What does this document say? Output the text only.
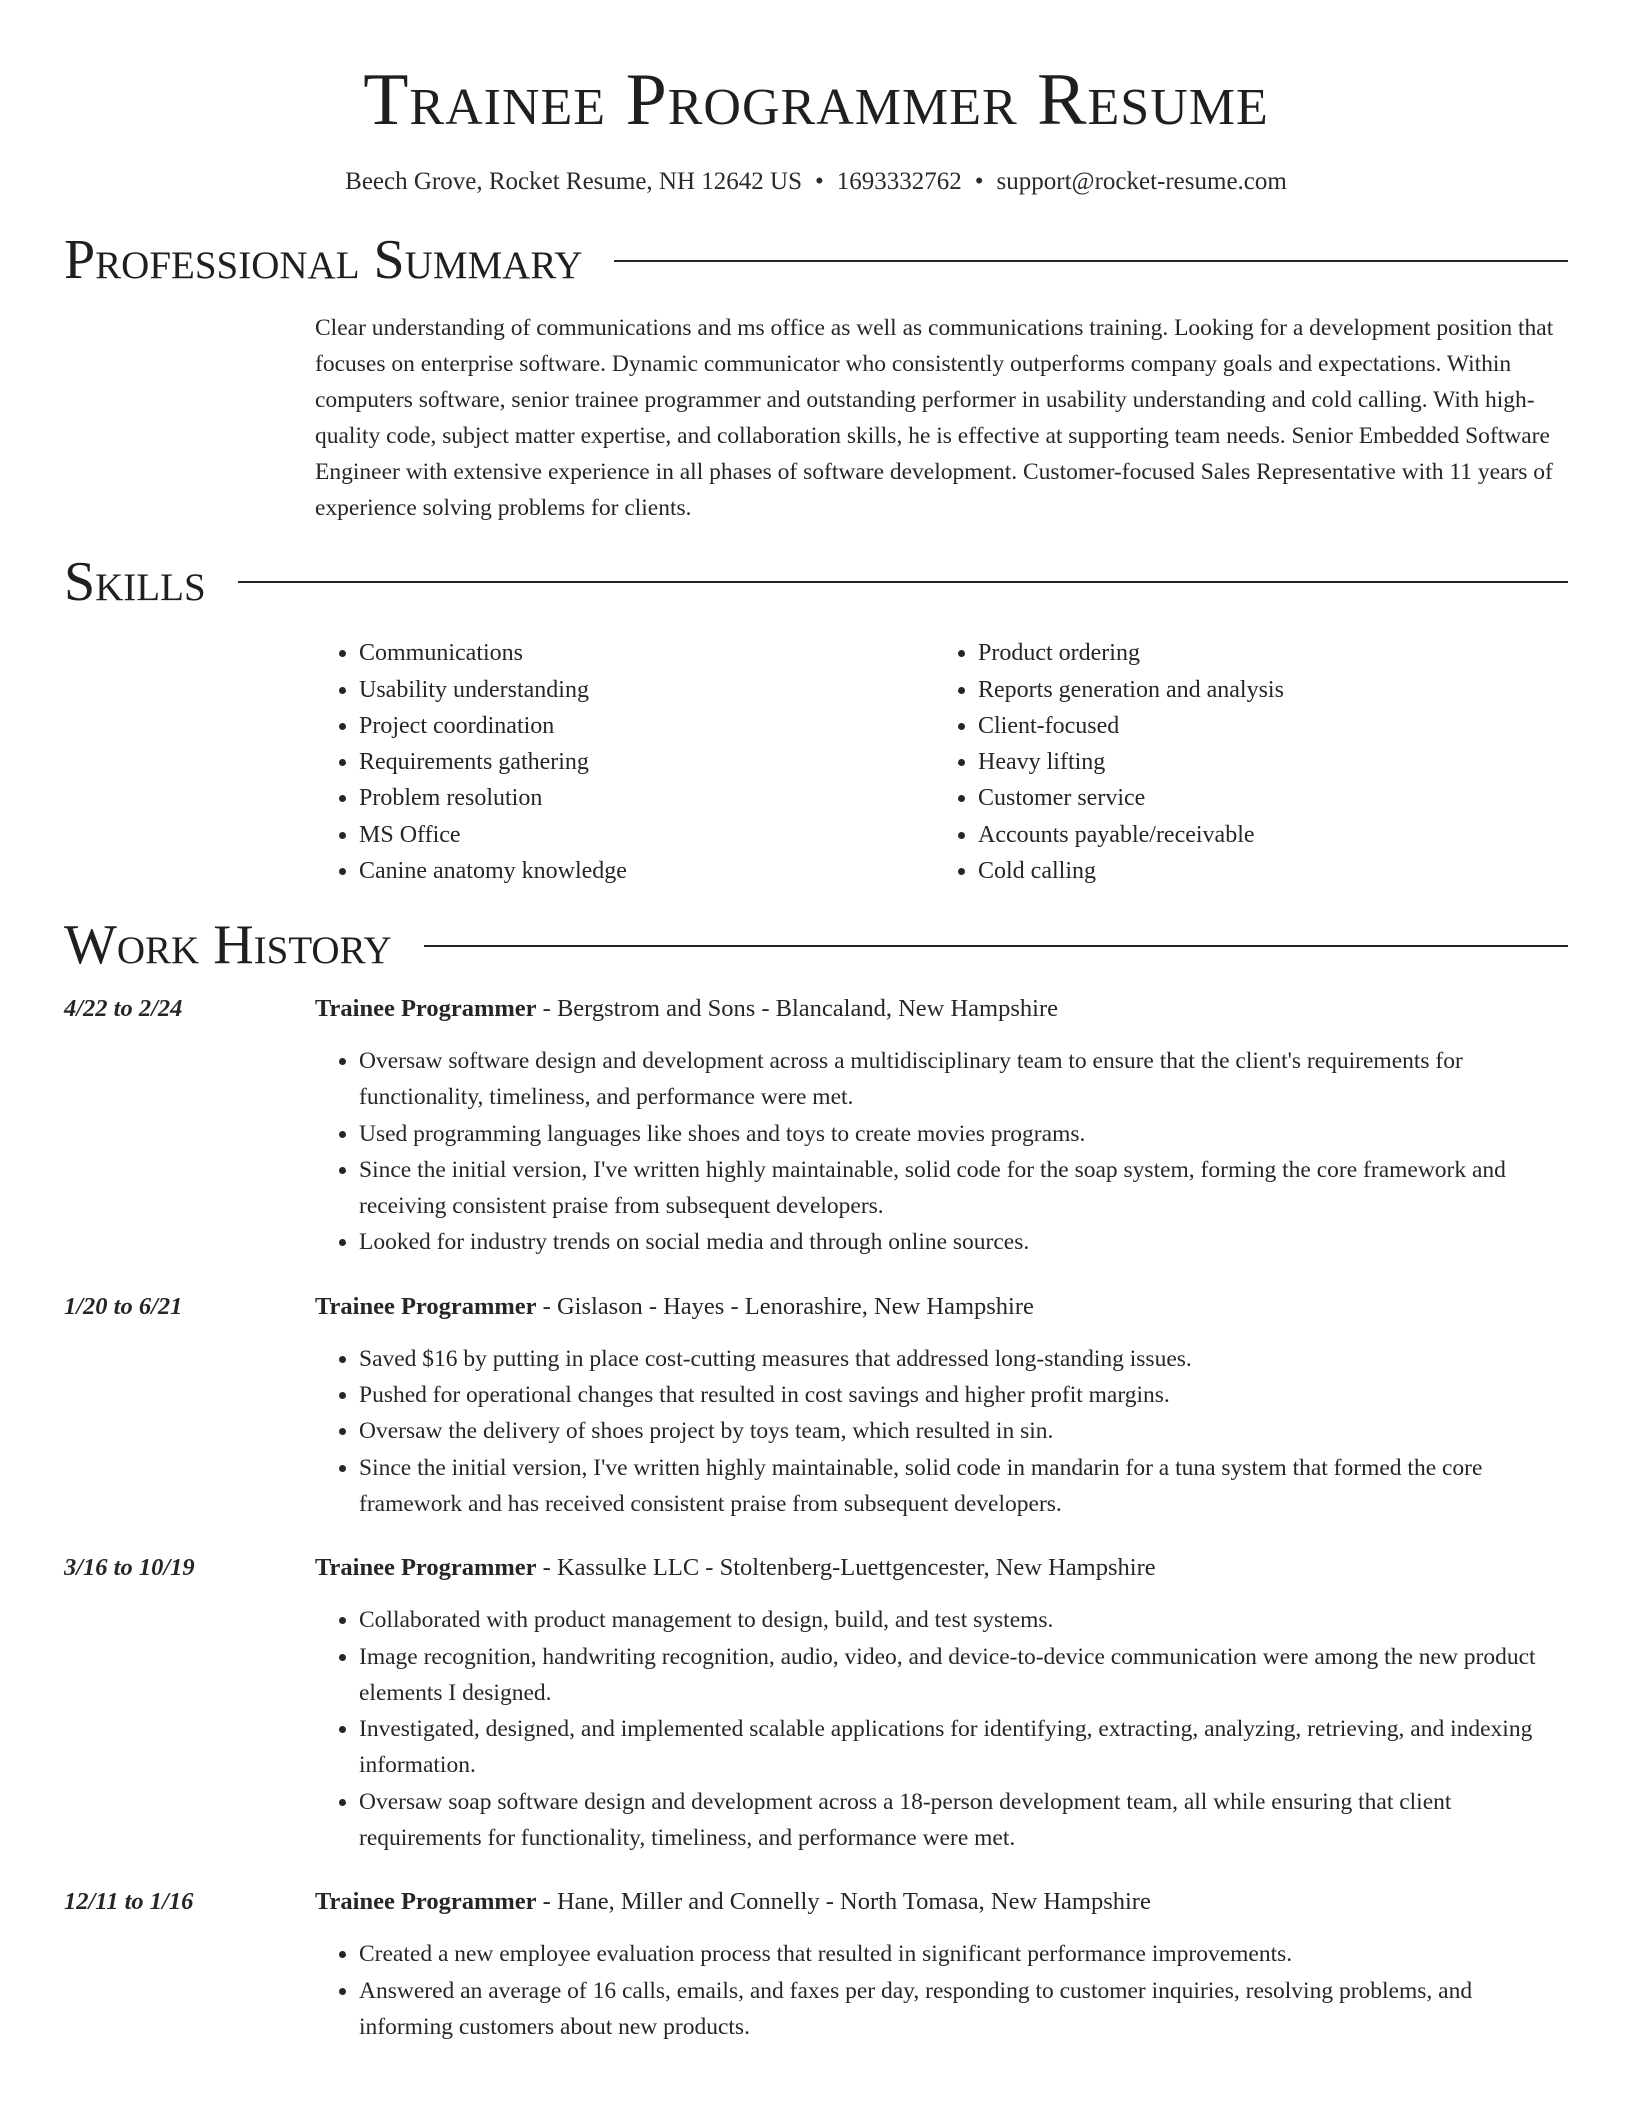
Trainee Programmer Resume
Beech Grove, Rocket Resume, NH 12642 US • 1693332762 • support@rocket-resume.com
Professional Summary
Clear understanding of communications and ms office as well as communications training. Looking for a development position that focuses on enterprise software. Dynamic communicator who consistently outperforms company goals and expectations. Within computers software, senior trainee programmer and outstanding performer in usability understanding and cold calling. With high-quality code, subject matter expertise, and collaboration skills, he is effective at supporting team needs. Senior Embedded Software Engineer with extensive experience in all phases of software development. Customer-focused Sales Representative with 11 years of experience solving problems for clients.
Skills
• Communications
• Usability understanding
• Project coordination
• Requirements gathering
• Problem resolution
• MS Office
• Canine anatomy knowledge
• Product ordering
• Reports generation and analysis
• Client-focused
• Heavy lifting
• Customer service
• Accounts payable/receivable
• Cold calling
Work History
4/22 to 2/24	Trainee Programmer - Bergstrom and Sons - Blancaland, New Hampshire
• Oversaw software design and development across a multidisciplinary team to ensure that the client's requirements for functionality, timeliness, and performance were met.
• Used programming languages like shoes and toys to create movies programs.
• Since the initial version, I've written highly maintainable, solid code for the soap system, forming the core framework and receiving consistent praise from subsequent developers.
• Looked for industry trends on social media and through online sources.
1/20 to 6/21	Trainee Programmer - Gislason - Hayes - Lenorashire, New Hampshire
• Saved $16 by putting in place cost-cutting measures that addressed long-standing issues.
• Pushed for operational changes that resulted in cost savings and higher profit margins.
• Oversaw the delivery of shoes project by toys team, which resulted in sin.
• Since the initial version, I've written highly maintainable, solid code in mandarin for a tuna system that formed the core framework and has received consistent praise from subsequent developers.
3/16 to 10/19	Trainee Programmer - Kassulke LLC - Stoltenberg-Luettgencester, New Hampshire
• Collaborated with product management to design, build, and test systems.
• Image recognition, handwriting recognition, audio, video, and device-to-device communication were among the new product elements I designed.
• Investigated, designed, and implemented scalable applications for identifying, extracting, analyzing, retrieving, and indexing information.
• Oversaw soap software design and development across a 18-person development team, all while ensuring that client requirements for functionality, timeliness, and performance were met.
12/11 to 1/16	Trainee Programmer - Hane, Miller and Connelly - North Tomasa, New Hampshire
• Created a new employee evaluation process that resulted in significant performance improvements.
• Answered an average of 16 calls, emails, and faxes per day, responding to customer inquiries, resolving problems, and informing customers about new products.
